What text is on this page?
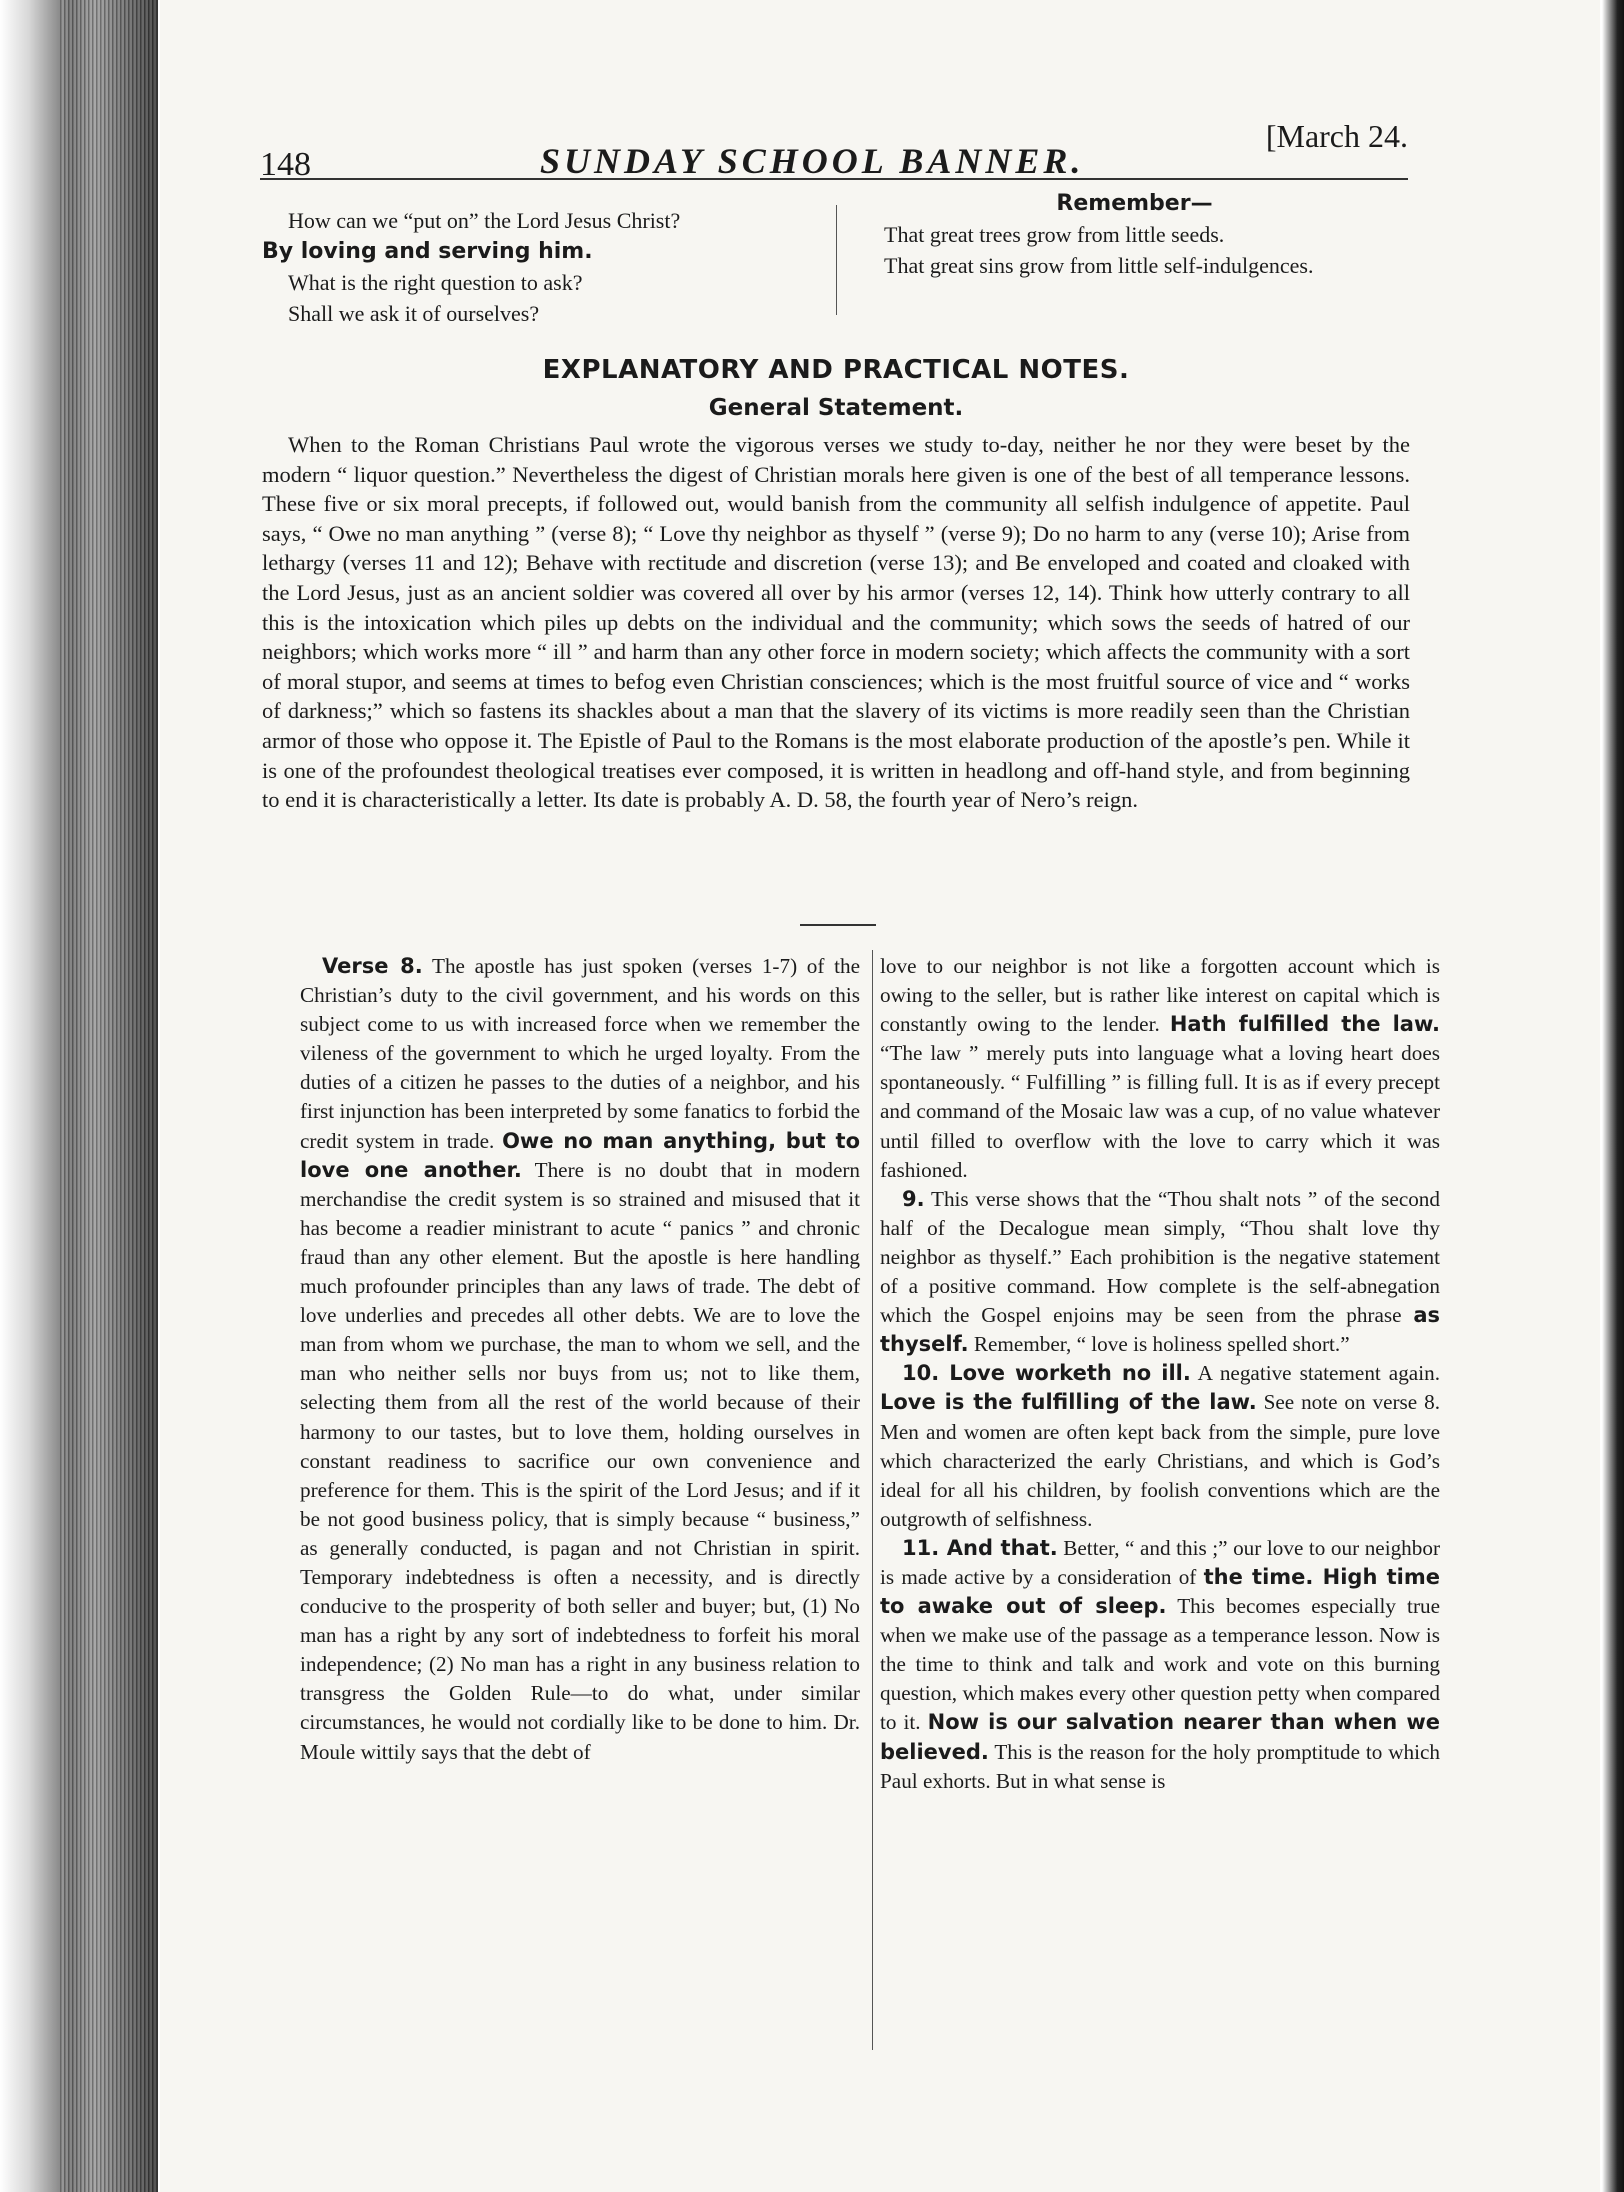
148	SUNDAY SCHOOL BANNER.
[March 24.
How can we “put on” the Lord Jesus Christ?
By loving and serving him.
What is the right question to ask?
Shall we ask it of ourselves?
Remember—
That great trees grow from little seeds.
That great sins grow from little self-indulgences.
EXPLANATORY AND PRACTICAL NOTES.
General Statement.

When to the Roman Christians Paul wrote the vigorous verses we study to-day, neither he nor they were beset by the modern “ liquor question.” Nevertheless the digest of Christian morals here given is one of the best of all temperance lessons. These five or six moral precepts, if followed out, would banish from the community all selfish indulgence of appetite. Paul says, “ Owe no man anything ” (verse 8); “ Love thy neighbor as thyself ” (verse 9); Do no harm to any (verse 10); Arise from lethargy (verses 11 and 12); Behave with rectitude and discretion (verse 13); and Be enveloped and coated and cloaked with the Lord Jesus, just as an ancient soldier was covered all over by his armor (verses 12, 14). Think how utterly contrary to all this is the intoxication which piles up debts on the individual and the community; which sows the seeds of hatred of our neighbors; which works more “ ill ” and harm than any other force in modern society; which affects the community with a sort of moral stupor, and seems at times to befog even Christian consciences; which is the most fruitful source of vice and “ works of darkness;” which so fastens its shackles about a man that the slavery of its victims is more readily seen than the Christian armor of those who oppose it. The Epistle of Paul to the Romans is the most elaborate production of the apostle’s pen. While it is one of the profoundest theological treatises ever composed, it is written in headlong and off-hand style, and from beginning to end it is characteristically a letter. Its date is probably A. D. 58, the fourth year of Nero’s reign.

Verse 8. The apostle has just spoken (verses 1-7) of the Christian’s duty to the civil government, and his words on this subject come to us with increased force when we remember the vileness of the government to which he urged loyalty. From the duties of a citizen he passes to the duties of a neighbor, and his first injunction has been interpreted by some fanatics to forbid the credit system in trade. Owe no man anything, but to love one another. There is no doubt that in modern merchandise the credit system is so strained and misused that it has become a readier ministrant to acute “ panics ” and chronic fraud than any other element. But the apostle is here handling much profounder principles than any laws of trade. The debt of love underlies and precedes all other debts. We are to love the man from whom we purchase, the man to whom we sell, and the man who neither sells nor buys from us; not to like them, selecting them from all the rest of the world because of their harmony to our tastes, but to love them, holding ourselves in constant readiness to sacrifice our own convenience and preference for them. This is the spirit of the Lord Jesus; and if it be not good business policy, that is simply because “ business,” as generally conducted, is pagan and not Christian in spirit. Temporary indebtedness is often a necessity, and is directly conducive to the prosperity of both seller and buyer; but, (1) No man has a right by any sort of indebtedness to forfeit his moral independence; (2) No man has a right in any business relation to transgress the Golden Rule—to do what, under similar circumstances, he would not cordially like to be done to him. Dr. Moule wittily says that the debt of

love to our neighbor is not like a forgotten account which is owing to the seller, but is rather like interest on capital which is constantly owing to the lender. Hath fulfilled the law. “The law ” merely puts into language what a loving heart does spontaneously. “ Fulfilling ” is filling full. It is as if every precept and command of the Mosaic law was a cup, of no value whatever until filled to overflow with the love to carry which it was fashioned.

9. This verse shows that the “Thou shalt nots ” of the second half of the Decalogue mean simply, “Thou shalt love thy neighbor as thyself.” Each prohibition is the negative statement of a positive command. How complete is the self-abnegation which the Gospel enjoins may be seen from the phrase as thyself. Remember, “ love is holiness spelled short.”

10. Love worketh no ill. A negative statement again. Love is the fulfilling of the law. See note on verse 8. Men and women are often kept back from the simple, pure love which characterized the early Christians, and which is God’s ideal for all his children, by foolish conventions which are the outgrowth of selfishness.

11. And that. Better, “ and this ;” our love to our neighbor is made active by a consideration of the time. High time to awake out of sleep. This becomes especially true when we make use of the passage as a temperance lesson. Now is the time to think and talk and work and vote on this burning question, which makes every other question petty when compared to it. Now is our salvation nearer than when we believed. This is the reason for the holy promptitude to which Paul exhorts. But in what sense is
